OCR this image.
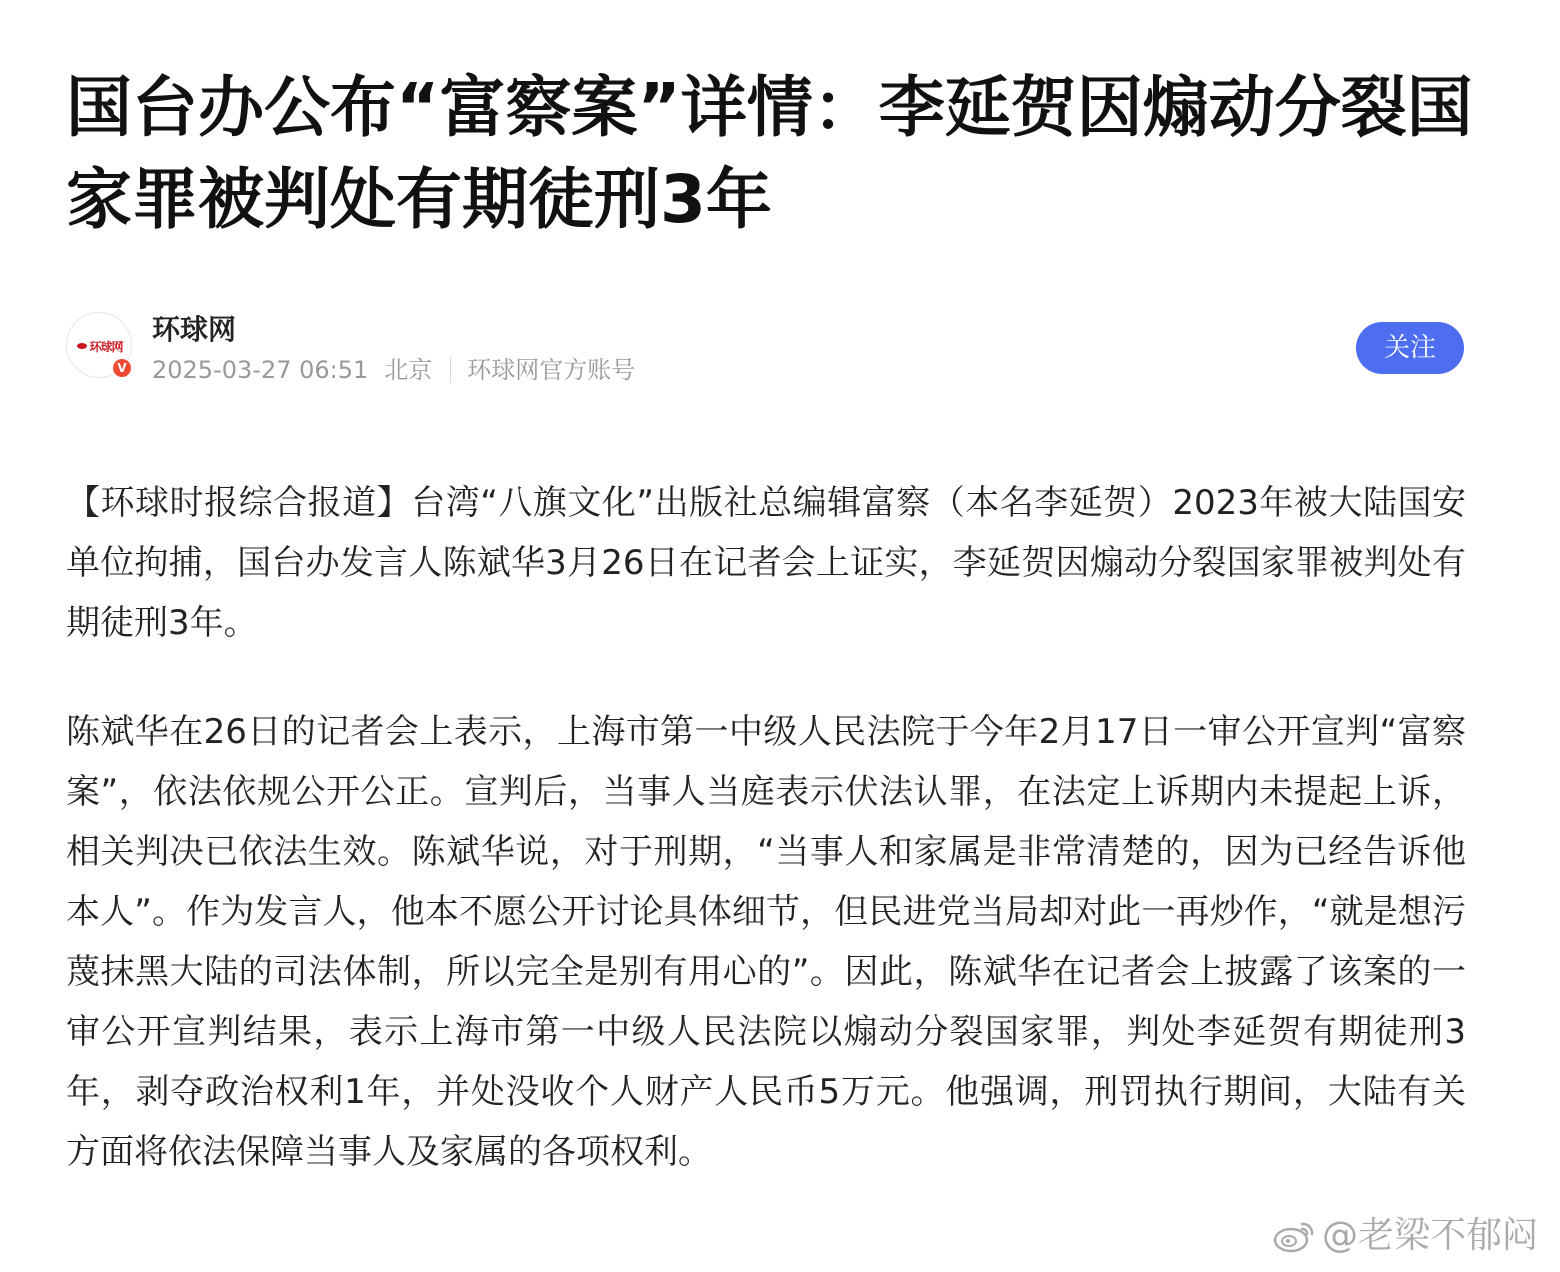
国台办公布“富察案”详情：李延贺因煽动分裂国家罪被判处有期徒刑3年
环球网
V
环球网
2025-03-27 06:51 北京 环球网官方账号
关注

【环球时报综合报道】台湾“八旗文化”出版社总编辑富察（本名李延贺）2023年被大陆国安单位拘捕，国台办发言人陈斌华3月26日在记者会上证实，李延贺因煽动分裂国家罪被判处有期徒刑3年。

陈斌华在26日的记者会上表示，上海市第一中级人民法院于今年2月17日一审公开宣判“富察案”，依法依规公开公正。宣判后，当事人当庭表示伏法认罪，在法定上诉期内未提起上诉，相关判决已依法生效。陈斌华说，对于刑期，“当事人和家属是非常清楚的，因为已经告诉他本人”。作为发言人，他本不愿公开讨论具体细节，但民进党当局却对此一再炒作，“就是想污蔑抹黑大陆的司法体制，所以完全是别有用心的”。因此，陈斌华在记者会上披露了该案的一审公开宣判结果，表示上海市第一中级人民法院以煽动分裂国家罪，判处李延贺有期徒刑3年，剥夺政治权利1年，并处没收个人财产人民币5万元。他强调，刑罚执行期间，大陆有关方面将依法保障当事人及家属的各项权利。

@老梁不郁闷
